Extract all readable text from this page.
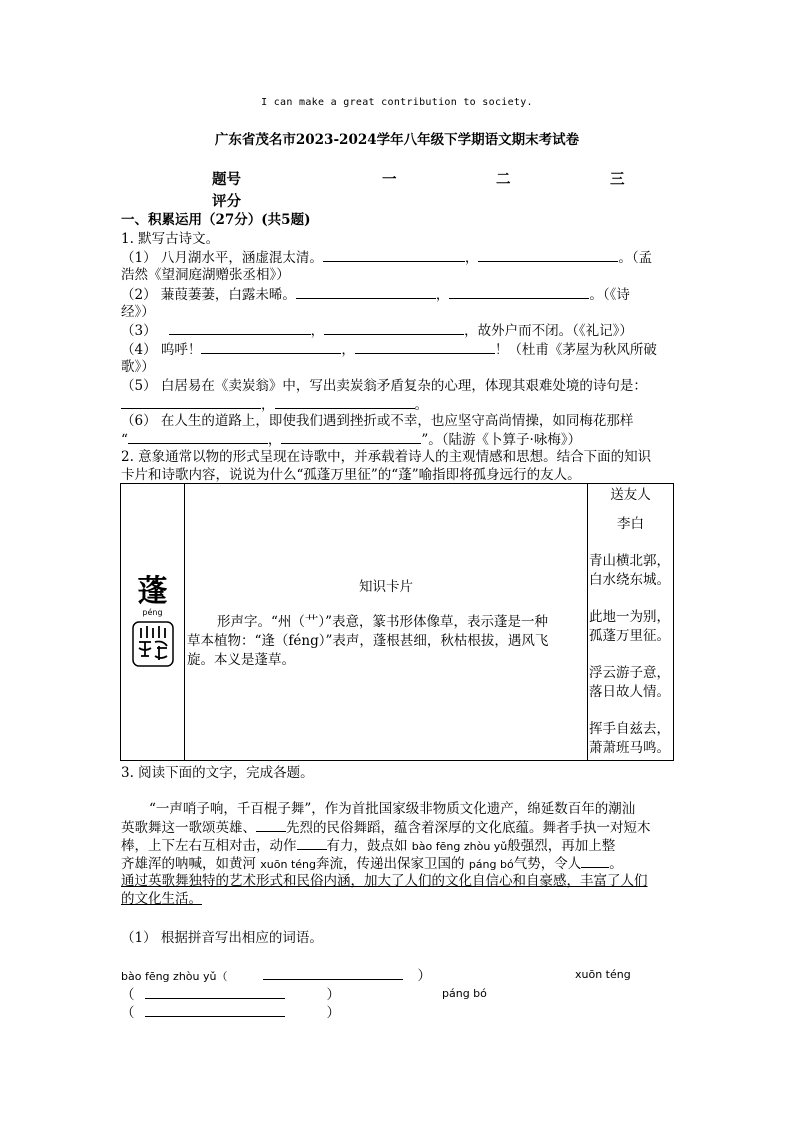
I can make a great contribution to society.
广东省茂名市2023-2024学年八年级下学期语文期末考试卷
题号	一	二	三
评分
一、积累运用（27分）(共5题)
1. 默写古诗文。
（1） 八月湖水平，涵虚混太清。	，	。（孟
浩然《望洞庭湖赠张丞相》）
（2） 蒹葭萋萋，白露未晞。	，	。（《诗
经》）
（3）	，	，故外户而不闭。（《礼记》）
（4） 呜呼！	，	！（杜甫《茅屋为秋风所破
歌》）
（5） 白居易在《卖炭翁》中，写出卖炭翁矛盾复杂的心理，体现其艰难处境的诗句是：
，	。
（6） 在人生的道路上，即使我们遇到挫折或不幸，也应坚守高尚情操，如同梅花那样
“	，	”。（陆游《卜算子·咏梅》）
2. 意象通常以物的形式呈现在诗歌中，并承载着诗人的主观情感和思想。结合下面的知识
卡片和诗歌内容，说说为什么“孤蓬万里征”的“蓬”喻指即将孤身远行的友人。
蓬
péng

知识卡片
形声字。“州（艹）”表意，篆书形体像草，表示蓬是一种
草本植物：“逢（féng）”表声，蓬根甚细，秋枯根拔，遇风飞
旋。本义是蓬草。

送友人
李白
青山横北郭，
白水绕东城。
此地一为别，
孤蓬万里征。
浮云游子意，
落日故人情。
挥手自兹去，
萧萧班马鸣。
3. 阅读下面的文字，完成各题。
“一声哨子响，千百棍子舞”，作为首批国家级非物质文化遗产，绵延数百年的潮汕
英歌舞这一歌颂英雄、 先烈的民俗舞蹈，蕴含着深厚的文化底蕴。舞者手执一对短木
棒，上下左右互相对击，动作 有力，鼓点如 bào fēng zhòu yǔ般强烈，再加上整
齐雄浑的呐喊，如黄河 xuōn téng奔流，传递出保家卫国的 páng bó气势，令人 。
通过英歌舞独特的艺术形式和民俗内涵，加大了人们的文化自信心和自豪感，丰富了人们
的文化生活。
（1） 根据拼音写出相应的词语。
bào fēng zhòu yǔ（	）	xuōn téng
（	）	páng bó
（	）
